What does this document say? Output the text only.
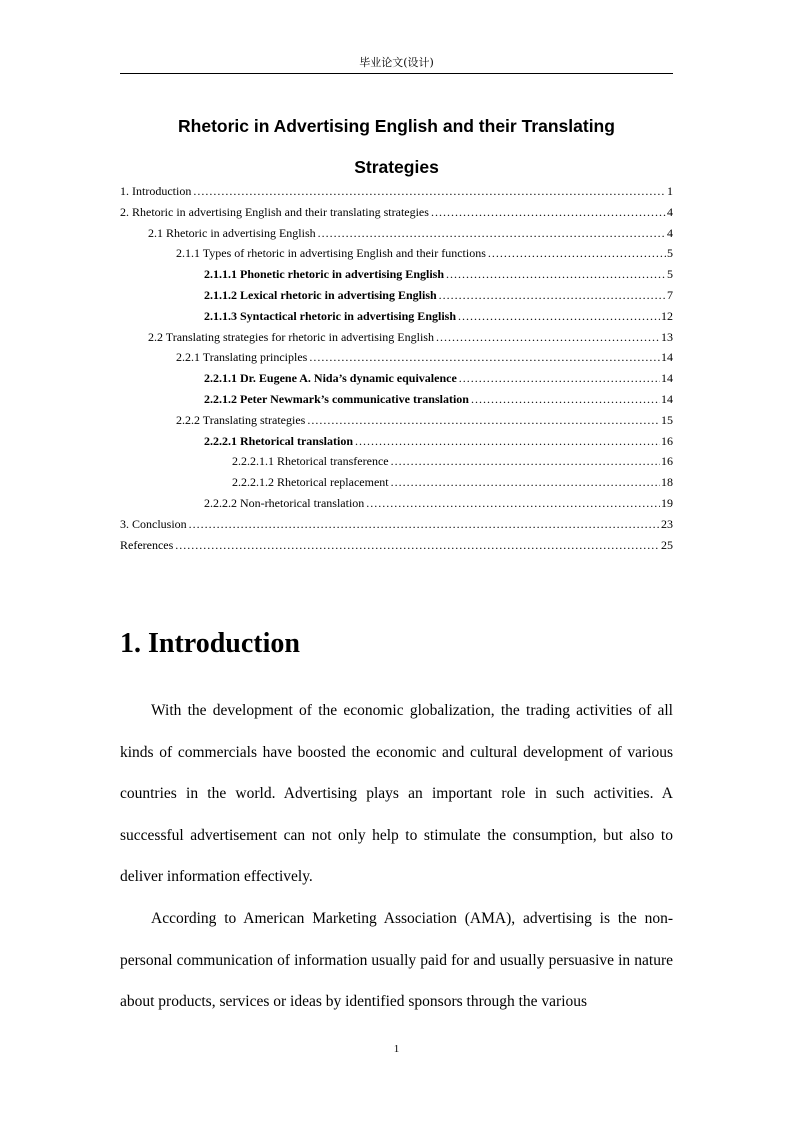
毕业论文(设计)
Rhetoric in Advertising English and their Translating
Strategies
1. Introduction .....	1
2. Rhetoric in advertising English and their translating strategies .....	4
2.1 Rhetoric in advertising English .....	4
2.1.1 Types of rhetoric in advertising English and their functions .....	5
2.1.1.1 Phonetic rhetoric in advertising English .....	5
2.1.1.2 Lexical rhetoric in advertising English .....	7
2.1.1.3 Syntactical rhetoric in advertising English .....	12
2.2 Translating strategies for rhetoric in advertising English .....	13
2.2.1 Translating principles .....	14
2.2.1.1 Dr. Eugene A. Nida’s dynamic equivalence .....	14
2.2.1.2 Peter Newmark’s communicative translation .....	14
2.2.2 Translating strategies .....	15
2.2.2.1 Rhetorical translation .....	16
2.2.2.1.1 Rhetorical transference .....	16
2.2.2.1.2 Rhetorical replacement .....	18
2.2.2.2 Non-rhetorical translation .....	19
3. Conclusion .....	23
References .....	25
1. Introduction

With the development of the economic globalization, the trading activities of all kinds of commercials have boosted the economic and cultural development of various countries in the world. Advertising plays an important role in such activities. A successful advertisement can not only help to stimulate the consumption, but also to deliver information effectively.

According to American Marketing Association (AMA), advertising is the non-personal communication of information usually paid for and usually persuasive in nature about products, services or ideas by identified sponsors through the various

1
